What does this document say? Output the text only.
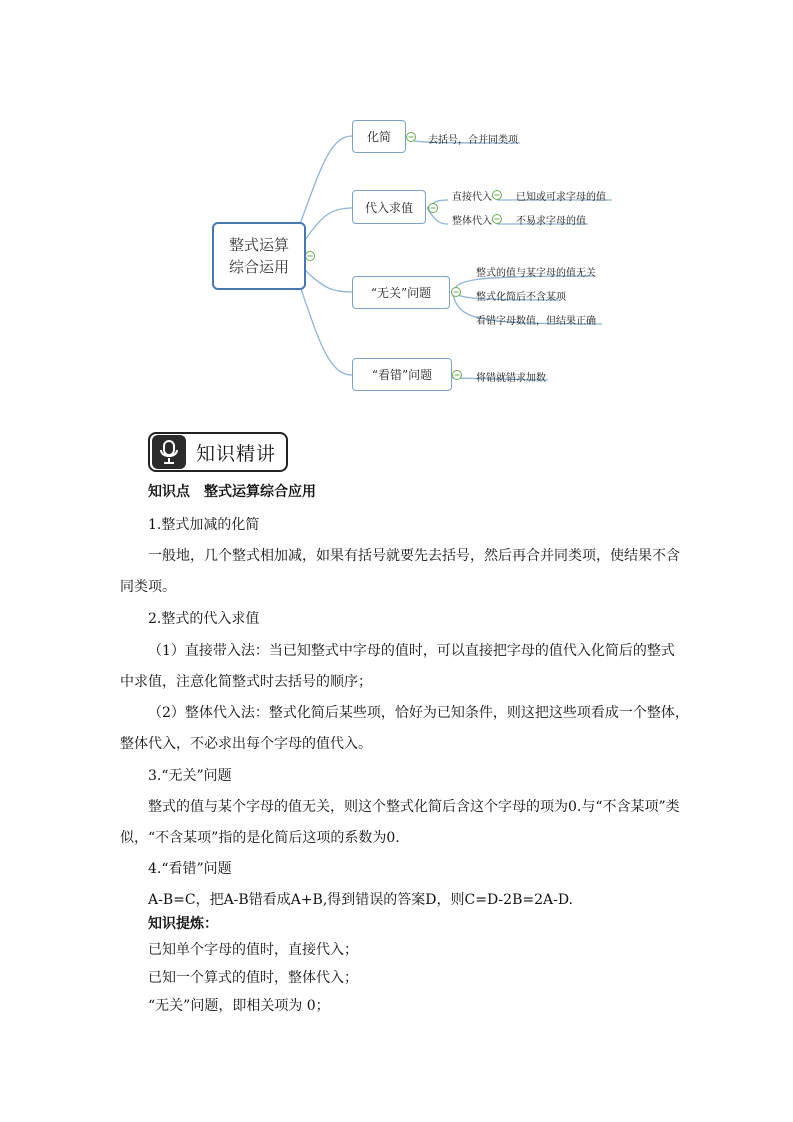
整式运算
综合运用
化简
代入求值
“无关”问题
“看错”问题
去括号，合并同类项
直接代入 已知或可求字母的值
整体代入 不易求字母的值
整式的值与某字母的值无关
整式化简后不含某项
看错字母数值，但结果正确
将错就错求加数
知识精讲
知识点　整式运算综合应用
1.整式加减的化简
一般地，几个整式相加减，如果有括号就要先去括号，然后再合并同类项，使结果不含
同类项。
2.整式的代入求值
（1）直接带入法：当已知整式中字母的值时，可以直接把字母的值代入化简后的整式
中求值，注意化简整式时去括号的顺序；
（2）整体代入法：整式化简后某些项，恰好为已知条件，则这把这些项看成一个整体，
整体代入，不必求出每个字母的值代入。
3.“无关”问题
整式的值与某个字母的值无关，则这个整式化简后含这个字母的项为0.与“不含某项”类
似，“不含某项”指的是化简后这项的系数为0.
4.“看错”问题
A-B=C，把A-B错看成A+B,得到错误的答案D，则C=D-2B=2A-D.
知识提炼：
已知单个字母的值时，直接代入；
已知一个算式的值时，整体代入；
“无关”问题，即相关项为 0；
